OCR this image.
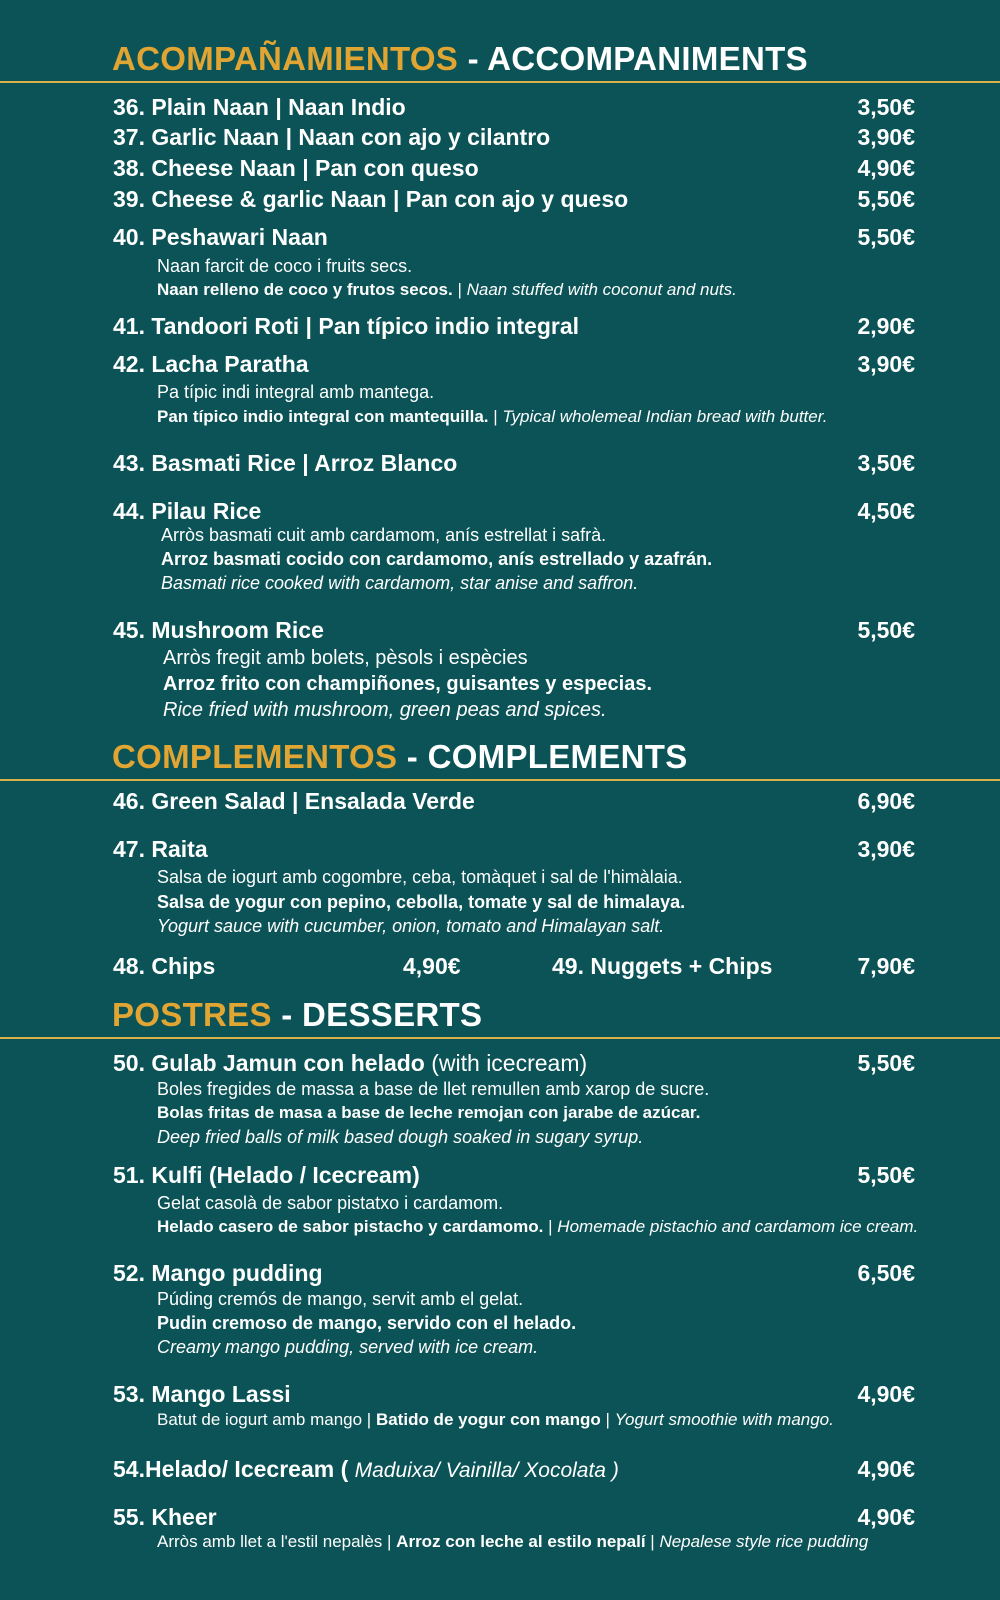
ACOMPAÑAMIENTOS - ACCOMPANIMENTS
36. Plain Naan | Naan Indio	3,50€
37. Garlic Naan | Naan con ajo y cilantro	3,90€
38. Cheese Naan | Pan con queso	4,90€
39. Cheese & garlic Naan | Pan con ajo y queso	5,50€
40. Peshawari Naan	5,50€
Naan farcit de coco i fruits secs.
Naan relleno de coco y frutos secos. | Naan stuffed with coconut and nuts.
41. Tandoori Roti | Pan típico indio integral	2,90€
42. Lacha Paratha	3,90€
Pa típic indi integral amb mantega.
Pan típico indio integral con mantequilla. | Typical wholemeal Indian bread with butter.
43. Basmati Rice | Arroz Blanco	3,50€
44. Pilau Rice	4,50€
Arròs basmati cuit amb cardamom, anís estrellat i safrà.
Arroz basmati cocido con cardamomo, anís estrellado y azafrán.
Basmati rice cooked with cardamom, star anise and saffron.
45. Mushroom Rice	5,50€
Arròs fregit amb bolets, pèsols i espècies
Arroz frito con champiñones, guisantes y especias.
Rice fried with mushroom, green peas and spices.
COMPLEMENTOS - COMPLEMENTS
46. Green Salad | Ensalada Verde	6,90€
47. Raita	3,90€
Salsa de iogurt amb cogombre, ceba, tomàquet i sal de l'himàlaia.
Salsa de yogur con pepino, cebolla, tomate y sal de himalaya.
Yogurt sauce with cucumber, onion, tomato and Himalayan salt.
48. Chips	4,90€	49. Nuggets + Chips	7,90€
POSTRES - DESSERTS
50. Gulab Jamun con helado (with icecream)	5,50€
Boles fregides de massa a base de llet remullen amb xarop de sucre.
Bolas fritas de masa a base de leche remojan con jarabe de azúcar.
Deep fried balls of milk based dough soaked in sugary syrup.
51. Kulfi (Helado / Icecream)	5,50€
Gelat casolà de sabor pistatxo i cardamom.
Helado casero de sabor pistacho y cardamomo. | Homemade pistachio and cardamom ice cream.
52. Mango pudding	6,50€
Púding cremós de mango, servit amb el gelat.
Pudin cremoso de mango, servido con el helado.
Creamy mango pudding, served with ice cream.
53. Mango Lassi	4,90€
Batut de iogurt amb mango | Batido de yogur con mango | Yogurt smoothie with mango.
54.Helado/ Icecream ( Maduixa/ Vainilla/ Xocolata )	4,90€
55. Kheer	4,90€
Arròs amb llet a l'estil nepalès | Arroz con leche al estilo nepalí | Nepalese style rice pudding
